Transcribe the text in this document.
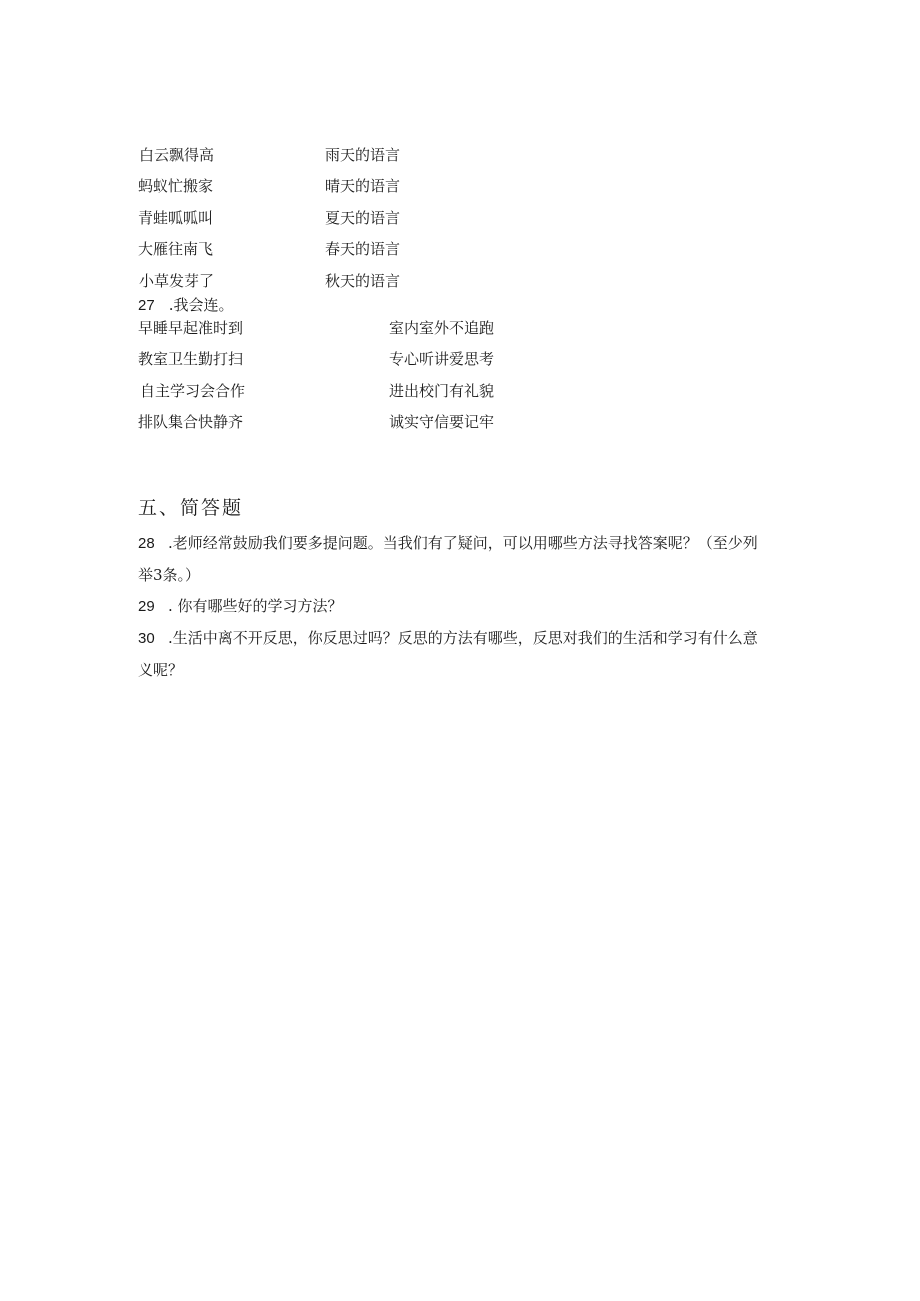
白云飘得高	雨天的语言
蚂蚁忙搬家	晴天的语言
青蛙呱呱叫	夏天的语言
大雁往南飞	春天的语言
小草发芽了	秋天的语言
27 .我会连。
早睡早起准时到	室内室外不追跑
教室卫生勤打扫	专心听讲爱思考
自主学习会合作	进出校门有礼貌
排队集合快静齐	诚实守信要记牢
五、简答题
28 .老师经常鼓励我们要多提问题。当我们有了疑问，可以用哪些方法寻找答案呢？（至少列
举3条。）
29 . 你有哪些好的学习方法？
30 .生活中离不开反思，你反思过吗？反思的方法有哪些，反思对我们的生活和学习有什么意
义呢？
